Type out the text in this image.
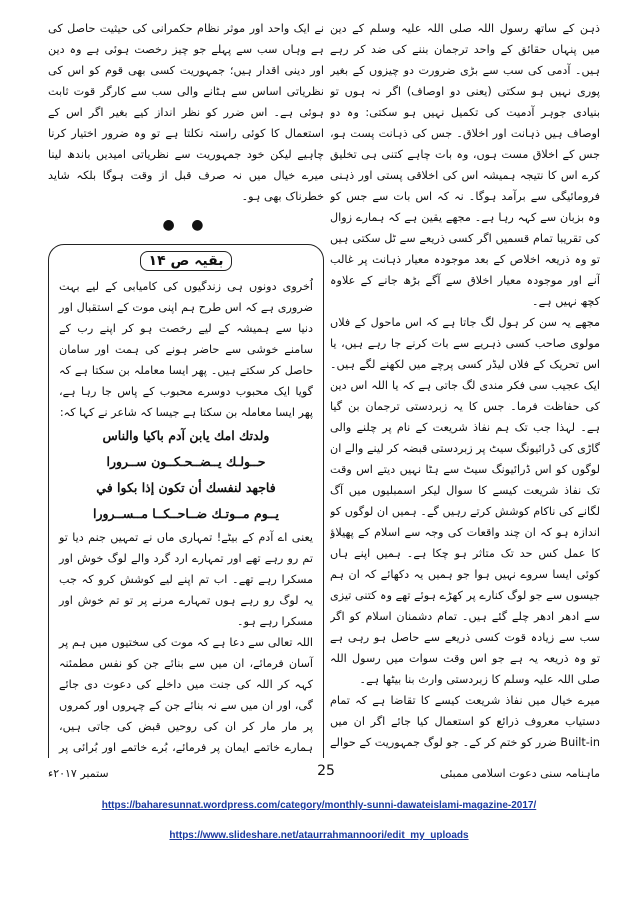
ذہن کے ساتھ رسول اللہ صلی اللہ علیہ وسلم کے دین میں پنہاں حقائق کے واحد ترجمان بننے کی ضد کر رہے ہیں۔ آدمی کی سب سے بڑی ضرورت دو چیزوں کے بغیر پوری نہیں ہو سکتی (یعنی دو اوصاف) اگر نہ ہوں تو بنیادی جوہر آدمیت کی تکمیل نہیں ہو سکتی: وہ دو اوصاف ہیں ذہانت اور اخلاق۔ جس کی ذہانت پست ہو، جس کے اخلاق مست ہوں، وہ بات چاہے کتنی ہی تخلیق کرے اس کا نتیجہ ہمیشہ اس کی اخلاقی پستی اور ذہنی فرومائیگی سے برآمد ہوگا۔ نہ کہ اس بات سے جس کو وہ بزبان سے کہہ رہا ہے۔ مجھے یقین ہے کہ ہمارے زوال کی تقریبا تمام قسمیں اگر کسی ذریعے سے ٹل سکتی ہیں تو وہ ذریعہ اخلاص کے بعد موجودہ معیار ذہانت پر غالب آنے اور موجودہ معیار اخلاق سے آگے بڑھ جانے کے علاوہ کچھ نہیں ہے۔

مجھے یہ سن کر ہول لگ جاتا ہے کہ اس ماحول کے فلاں مولوی صاحب کسی ذہریے سے بات کرنے جا رہے ہیں، یا اس تحریک کے فلاں لیڈر کسی پرچے میں لکھنے لگے ہیں۔ ایک عجیب سی فکر مندی لگ جاتی ہے کہ یا اللہ اس دین کی حفاظت فرما۔ جس کا یہ زبردستی ترجمان بن گیا ہے۔ لہذا جب تک ہم نفاذ شریعت کے نام پر چلنے والی گاڑی کی ڈرائیونگ سیٹ پر زبردستی قبضہ کر لینے والے ان لوگوں کو اس ڈرائیونگ سیٹ سے ہٹا نہیں دیتے اس وقت تک نفاذ شریعت کیسے کا سوال لیکر اسمبلیوں میں آگ لگانے کی ناکام کوشش کرتے رہیں گے۔ ہمیں ان لوگوں کو اندازہ ہو کہ ان چند واقعات کی وجہ سے اسلام کے پھیلاؤ کا عمل کس حد تک متاثر ہو چکا ہے۔ ہمیں اپنے ہاں کوئی ایسا سروے نہیں ہوا جو ہمیں یہ دکھائے کہ ان ہم جیسوں سے جو لوگ کنارے پر کھڑے ہوئے تھے وہ کتنی تیزی سے ادھر ادھر چلے گئے ہیں۔ تمام دشمنان اسلام کو اگر سب سے زیادہ قوت کسی ذریعے سے حاصل ہو رہی ہے تو وہ ذریعہ یہ ہے جو اس وقت سوات میں رسول اللہ صلی اللہ علیہ وسلم کا زبردستی وارث بنا بیٹھا ہے۔

میرے خیال میں نفاذ شریعت کیسے کا تقاضا ہے کہ تمام دستیاب معروف ذرائع کو استعمال کیا جائے اگر ان میں Built-in ضرر کو ختم کر کے۔ جو لوگ جمہوریت کے حوالے

نے ایک واحد اور موثر نظام حکمرانی کی حیثیت حاصل کی ہے وہاں سب سے پہلے جو چیز رخصت ہوئی ہے وہ دین اور دینی اقدار ہیں؛ جمہوریت کسی بھی قوم کو اس کی نظریاتی اساس سے ہٹانے والی سب سے کارگر قوت ثابت ہوئی ہے۔ اس ضرر کو نظر انداز کیے بغیر اگر اس کے استعمال کا کوئی راستہ نکلتا ہے تو وہ ضرور اختیار کرنا چاہیے لیکن خود جمہوریت سے نظریاتی امیدیں باندھ لینا میرے خیال میں نہ صرف قبل از وقت ہوگا بلکہ شاید خطرناک بھی ہو۔

● ●
بقیہ ص ۱۴

اُخروی دونوں ہی زندگیوں کی کامیابی کے لیے بہت ضروری ہے کہ اس طرح ہم اپنی موت کے استقبال اور دنیا سے ہمیشہ کے لیے رخصت ہو کر اپنے رب کے سامنے خوشی سے حاضر ہونے کی ہمت اور سامان حاصل کر سکتے ہیں۔ پھر ایسا معاملہ بن سکتا ہے کہ گویا ایک محبوب دوسرے محبوب کے پاس جا رہا ہے، پھر ایسا معاملہ بن سکتا ہے جیسا کہ شاعر نے کہا کہ:

ولدتك امك يابن آدم باكيا والناس
حــولـك يــضــحـكــون ســرورا
فاجهد لنفسك أن تكون إذا بكوا في
يــوم مــوتـك ضــاحــكــا مــســرورا

یعنی اے آدم کے بیٹے! تمہاری ماں نے تمہیں جنم دیا تو تم رو رہے تھے اور تمہارے ارد گرد والے لوگ خوش اور مسکرا رہے تھے۔ اب تم اپنے لیے کوشش کرو کہ جب یہ لوگ رو رہے ہوں تمہارے مرنے پر تو تم خوش اور مسکرا رہے ہو۔

اللہ تعالی سے دعا ہے کہ موت کی سختیوں میں ہم پر آسان فرمائے، ان میں سے بنائے جن کو نفس مطمئنہ کہہ کر اللہ کی جنت میں داخلے کی دعوت دی جائے گی، اور ان میں سے نہ بنائے جن کے چہروں اور کمروں پر مار مار کر ان کی روحیں قبض کی جاتی ہیں، ہمارے خاتمے ایمان پر فرمائے، بُرے خاتمے اور بُرائی پر

ماہنامہ سنی دعوت اسلامی ممبئی
25
ستمبر ۲۰۱۷ء
https://baharesunnat.wordpress.com/category/monthly-sunni-dawateislami-magazine-2017/
https://www.slideshare.net/ataurrahmannoori/edit_my_uploads
